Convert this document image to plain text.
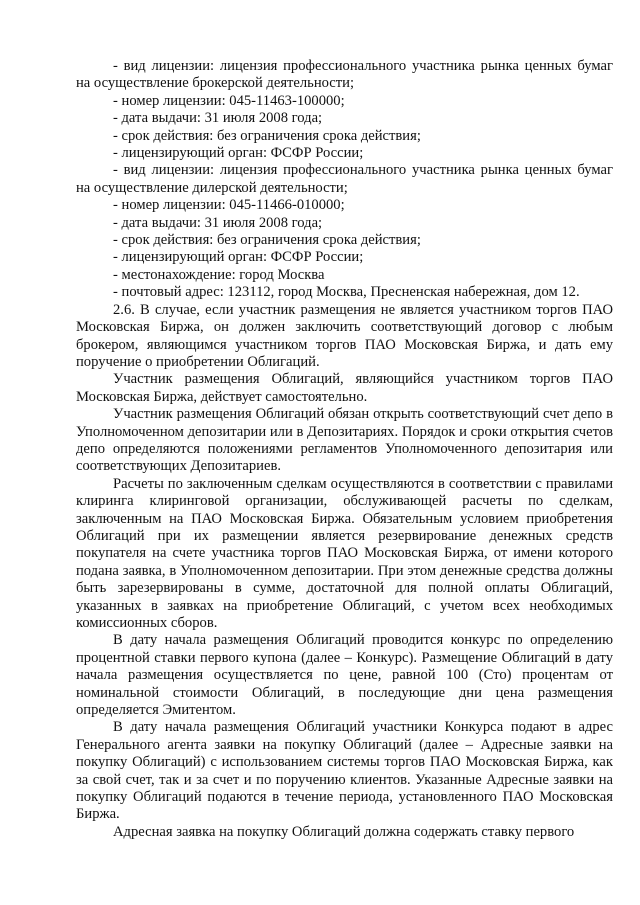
- вид лицензии: лицензия профессионального участника рынка ценных бумаг на осуществление брокерской деятельности;

- номер лицензии: 045-11463-100000;

- дата выдачи: 31 июля 2008 года;

- срок действия: без ограничения срока действия;

- лицензирующий орган: ФСФР России;

- вид лицензии: лицензия профессионального участника рынка ценных бумаг на осуществление дилерской деятельности;

- номер лицензии: 045-11466-010000;

- дата выдачи: 31 июля 2008 года;

- срок действия: без ограничения срока действия;

- лицензирующий орган: ФСФР России;

- местонахождение: город Москва

- почтовый адрес: 123112, город Москва, Пресненская набережная, дом 12.

2.6. В случае, если участник размещения не является участником торгов ПАО Московская Биржа, он должен заключить соответствующий договор с любым брокером, являющимся участником торгов ПАО Московская Биржа, и дать ему поручение о приобретении Облигаций.

Участник размещения Облигаций, являющийся участником торгов ПАО Московская Биржа, действует самостоятельно.

Участник размещения Облигаций обязан открыть соответствующий счет депо в Уполномоченном депозитарии или в Депозитариях. Порядок и сроки открытия счетов депо определяются положениями регламентов Уполномоченного депозитария или соответствующих Депозитариев.

Расчеты по заключенным сделкам осуществляются в соответствии с правилами клиринга клиринговой организации, обслуживающей расчеты по сделкам, заключенным на ПАО Московская Биржа. Обязательным условием приобретения Облигаций при их размещении является резервирование денежных средств покупателя на счете участника торгов ПАО Московская Биржа, от имени которого подана заявка, в Уполномоченном депозитарии. При этом денежные средства должны быть зарезервированы в сумме, достаточной для полной оплаты Облигаций, указанных в заявках на приобретение Облигаций, с учетом всех необходимых комиссионных сборов.

В дату начала размещения Облигаций проводится конкурс по определению процентной ставки первого купона (далее – Конкурс). Размещение Облигаций в дату начала размещения осуществляется по цене, равной 100 (Сто) процентам от номинальной стоимости Облигаций, в последующие дни цена размещения определяется Эмитентом.

В дату начала размещения Облигаций участники Конкурса подают в адрес Генерального агента заявки на покупку Облигаций (далее – Адресные заявки на покупку Облигаций) с использованием системы торгов ПАО Московская Биржа, как за свой счет, так и за счет и по поручению клиентов. Указанные Адресные заявки на покупку Облигаций подаются в течение периода, установленного ПАО Московская Биржа.

Адресная заявка на покупку Облигаций должна содержать ставку первого
